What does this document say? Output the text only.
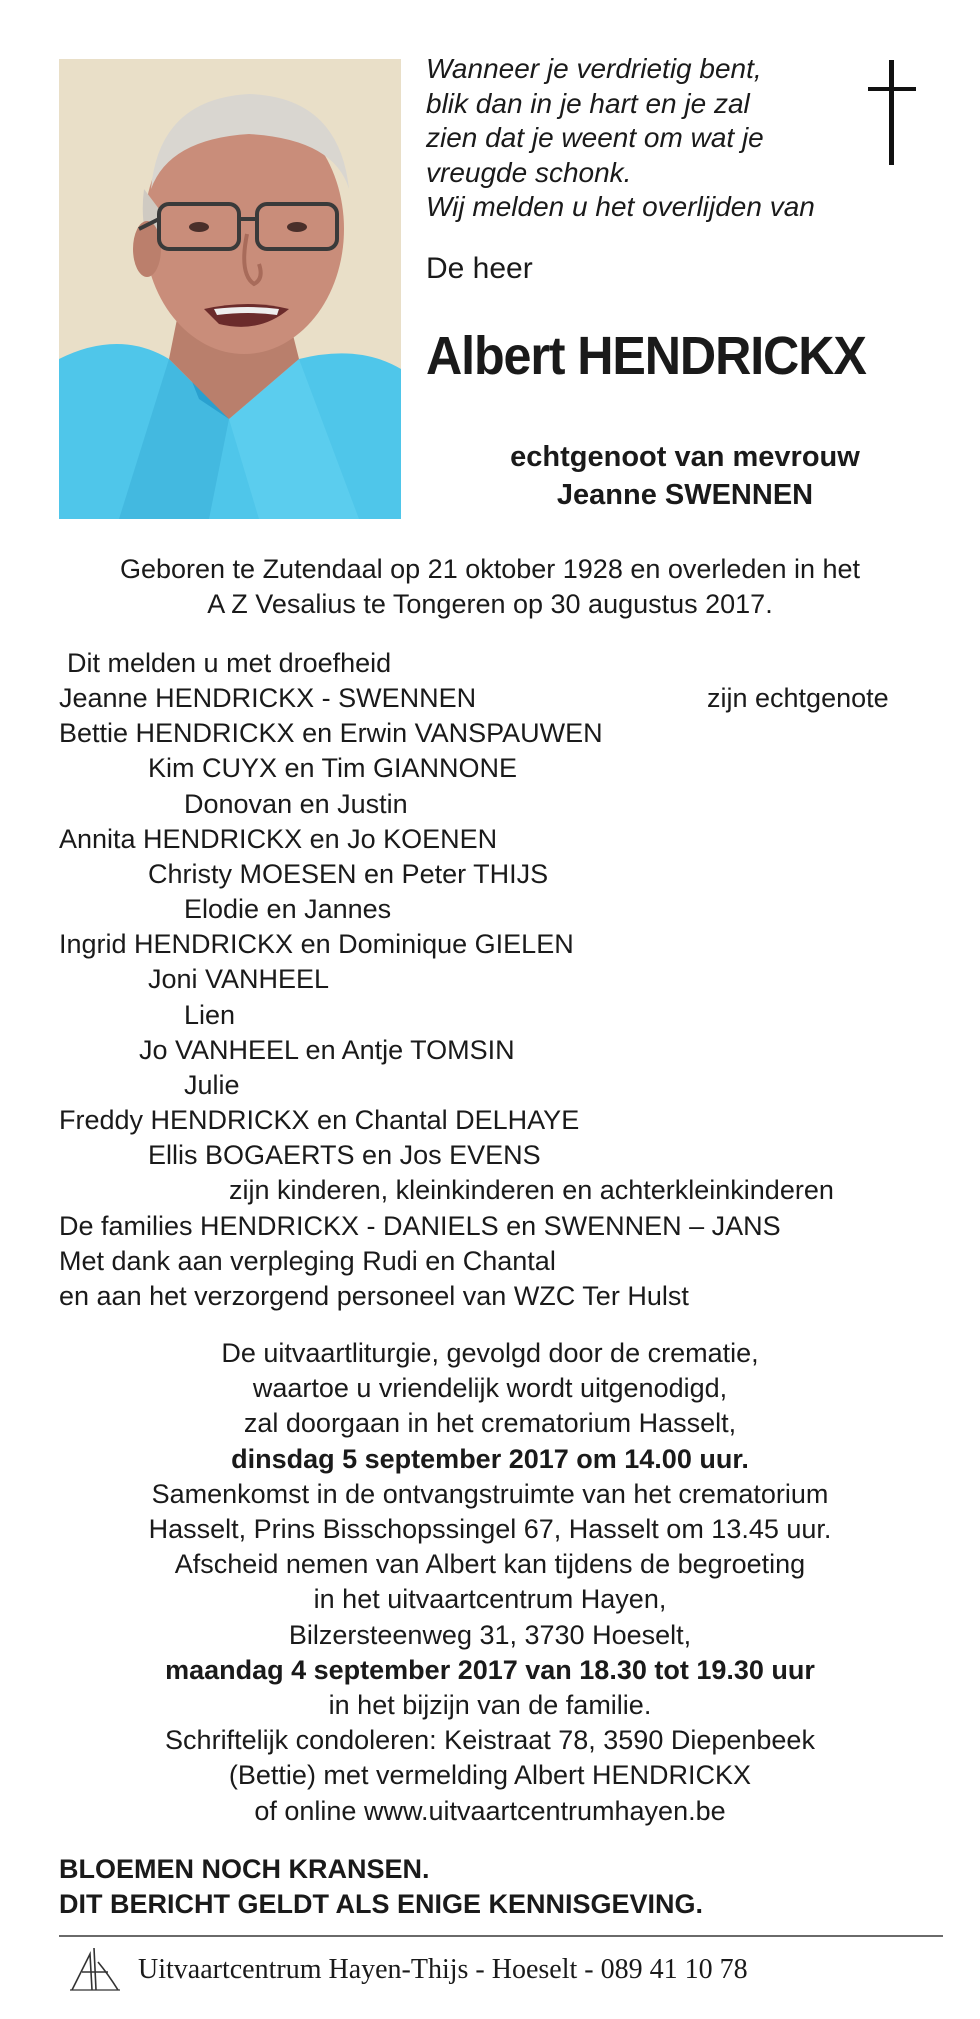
Wanneer je verdrietig bent,
blik dan in je hart en je zal
zien dat je weent om wat je
vreugde schonk.
Wij melden u het overlijden van
De heer
Albert HENDRICKX
echtgenoot van mevrouw
Jeanne SWENNEN
Geboren te Zutendaal op 21 oktober 1928 en overleden in het
A Z Vesalius te Tongeren op 30 augustus 2017.
Dit melden u met droefheid
Jeanne HENDRICKX - SWENNEN	zijn echtgenote
Bettie HENDRICKX en Erwin VANSPAUWEN
Kim CUYX en Tim GIANNONE
Donovan en Justin
Annita HENDRICKX en Jo KOENEN
Christy MOESEN en Peter THIJS
Elodie en Jannes
Ingrid HENDRICKX en Dominique GIELEN
Joni VANHEEL
Lien
Jo VANHEEL en Antje TOMSIN
Julie
Freddy HENDRICKX en Chantal DELHAYE
Ellis BOGAERTS en Jos EVENS
zijn kinderen, kleinkinderen en achterkleinkinderen
De families HENDRICKX - DANIELS en SWENNEN – JANS
Met dank aan verpleging Rudi en Chantal
en aan het verzorgend personeel van WZC Ter Hulst
De uitvaartliturgie, gevolgd door de crematie,
waartoe u vriendelijk wordt uitgenodigd,
zal doorgaan in het crematorium Hasselt,
dinsdag 5 september 2017 om 14.00 uur.
Samenkomst in de ontvangstruimte van het crematorium
Hasselt, Prins Bisschopssingel 67, Hasselt om 13.45 uur.
Afscheid nemen van Albert kan tijdens de begroeting
in het uitvaartcentrum Hayen,
Bilzersteenweg 31, 3730 Hoeselt,
maandag 4 september 2017 van 18.30 tot 19.30 uur
in het bijzijn van de familie.
Schriftelijk condoleren: Keistraat 78, 3590 Diepenbeek
(Bettie) met vermelding Albert HENDRICKX
of online www.uitvaartcentrumhayen.be
BLOEMEN NOCH KRANSEN.
DIT BERICHT GELDT ALS ENIGE KENNISGEVING.
Uitvaartcentrum Hayen-Thijs - Hoeselt - 089 41 10 78
